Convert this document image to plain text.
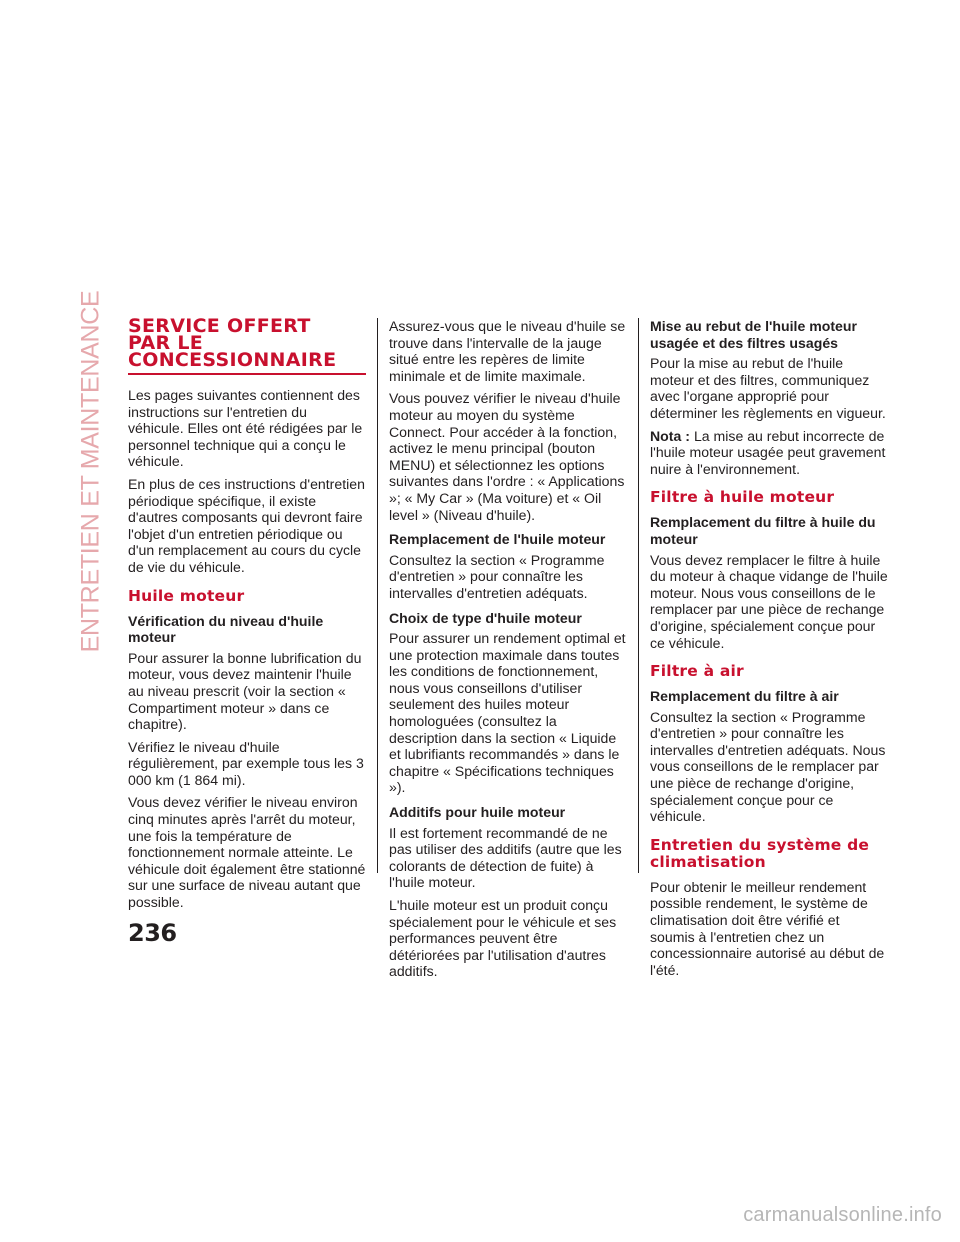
ENTRETIEN ET MAINTENANCE SERVICE OFFERT
PAR LE
CONCESSIONNAIRE

Les pages suivantes contiennent des instructions sur l'entretien du véhicule. Elles ont été rédigées par le personnel technique qui a conçu le véhicule.

En plus de ces instructions d'entretien périodique spécifique, il existe d'autres composants qui devront faire l'objet d'un entretien périodique ou d'un remplacement au cours du cycle de vie du véhicule.

Huile moteur
Vérification du niveau d'huile moteur

Pour assurer la bonne lubrification du moteur, vous devez maintenir l'huile au niveau prescrit (voir la section « Compartiment moteur » dans ce chapitre).

Vérifiez le niveau d'huile régulièrement, par exemple tous les 3 000 km (1 864 mi).

Vous devez vérifier le niveau environ cinq minutes après l'arrêt du moteur, une fois la température de fonctionnement normale atteinte. Le véhicule doit également être stationné sur une surface de niveau autant que possible.

Assurez-vous que le niveau d'huile se trouve dans l'intervalle de la jauge situé entre les repères de limite minimale et de limite maximale.

Vous pouvez vérifier le niveau d'huile moteur au moyen du système Connect. Pour accéder à la fonction, activez le menu principal (bouton MENU) et sélectionnez les options suivantes dans l'ordre : « Applications »; « My Car » (Ma voiture) et « Oil level » (Niveau d'huile).

Remplacement de l'huile moteur

Consultez la section « Programme d'entretien » pour connaître les intervalles d'entretien adéquats.

Choix de type d'huile moteur

Pour assurer un rendement optimal et une protection maximale dans toutes les conditions de fonctionnement, nous vous conseillons d'utiliser seulement des huiles moteur homologuées (consultez la description dans la section « Liquide et lubrifiants recommandés » dans le chapitre « Spécifications techniques »).

Additifs pour huile moteur

Il est fortement recommandé de ne pas utiliser des additifs (autre que les colorants de détection de fuite) à l'huile moteur.

L'huile moteur est un produit conçu spécialement pour le véhicule et ses performances peuvent être détériorées par l'utilisation d'autres additifs.

Mise au rebut de l'huile moteur usagée et des filtres usagés

Pour la mise au rebut de l'huile moteur et des filtres, communiquez avec l'organe approprié pour déterminer les règlements en vigueur.

Nota : La mise au rebut incorrecte de l'huile moteur usagée peut gravement nuire à l'environnement.

Filtre à huile moteur
Remplacement du filtre à huile du moteur

Vous devez remplacer le filtre à huile du moteur à chaque vidange de l'huile moteur. Nous vous conseillons de le remplacer par une pièce de rechange d'origine, spécialement conçue pour ce véhicule.

Filtre à air
Remplacement du filtre à air

Consultez la section « Programme d'entretien » pour connaître les intervalles d'entretien adéquats. Nous vous conseillons de le remplacer par une pièce de rechange d'origine, spécialement conçue pour ce véhicule.

Entretien du système de climatisation

Pour obtenir le meilleur rendement possible rendement, le système de climatisation doit être vérifié et soumis à l'entretien chez un concessionnaire autorisé au début de l'été.

236
carmanualsonline.info
